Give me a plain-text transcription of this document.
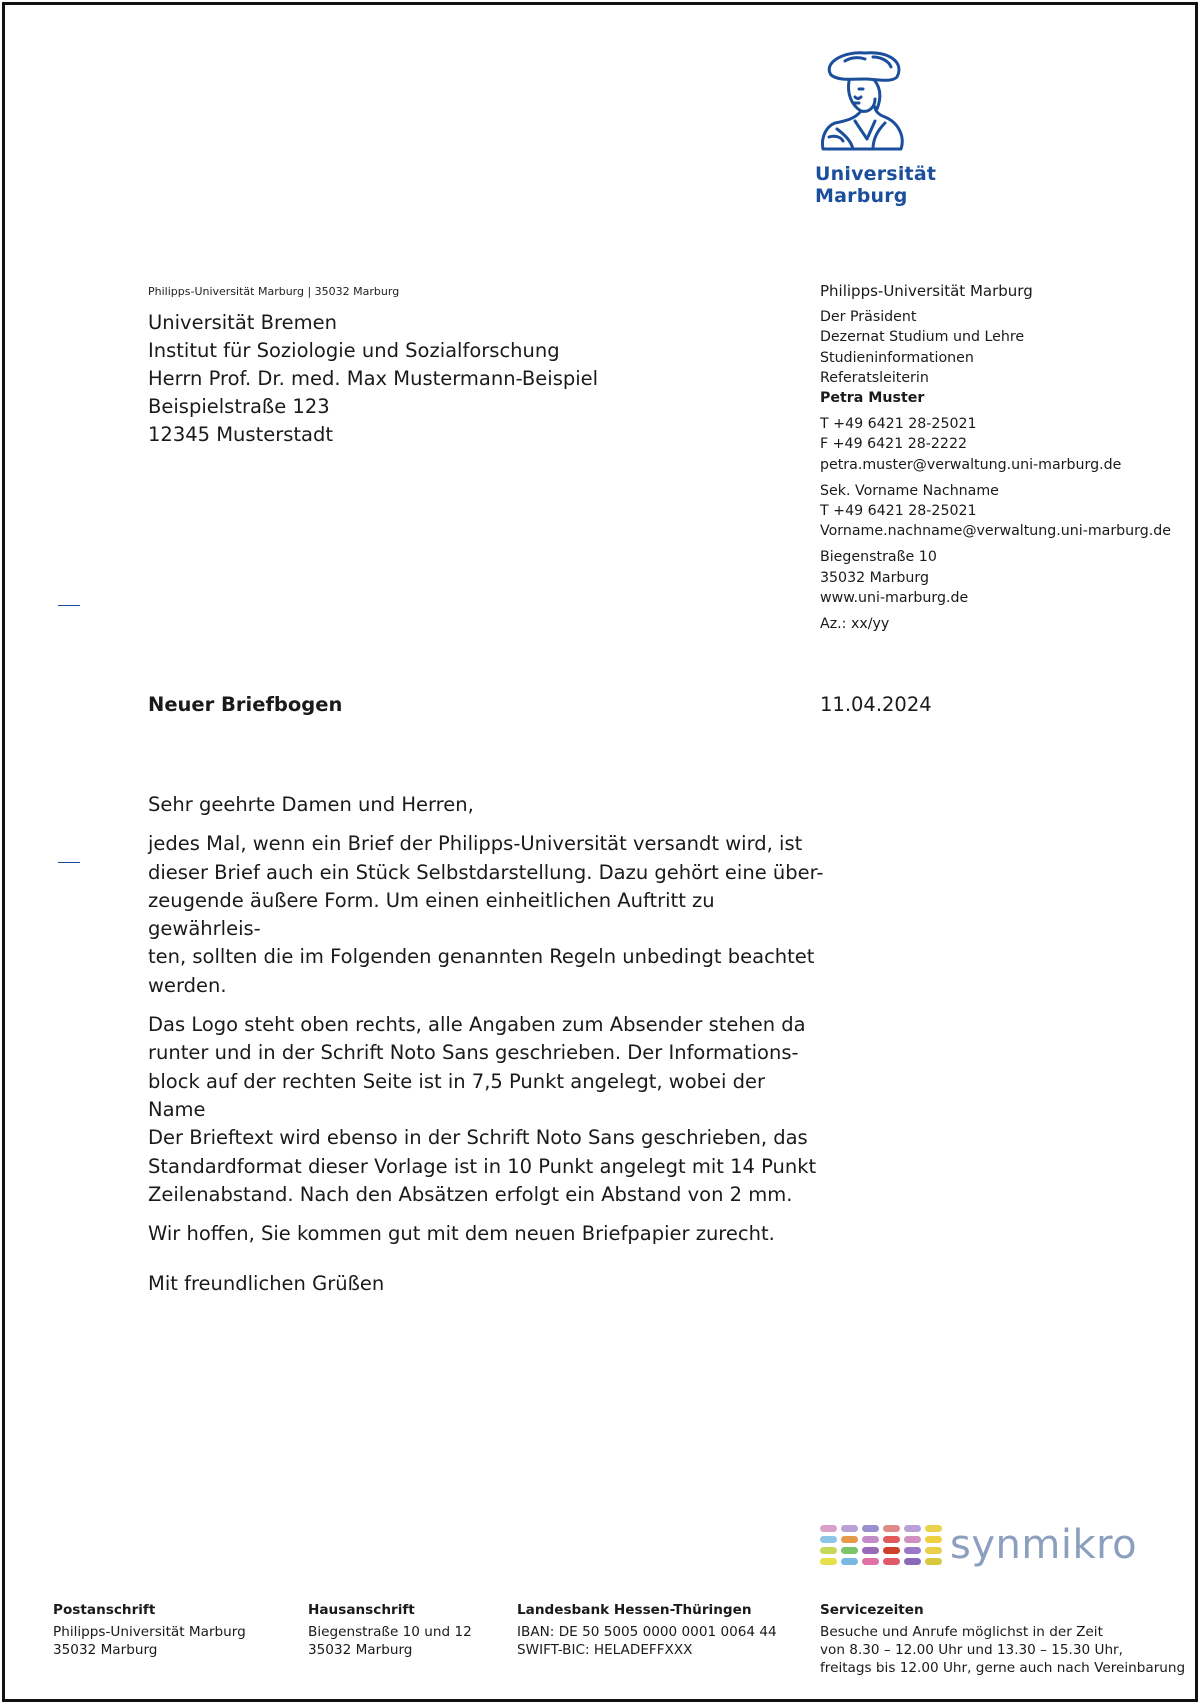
Universität
Marburg
Philipps-Universität Marburg | 35032 Marburg
Universität Bremen
Institut für Soziologie und Sozialforschung
Herrn Prof. Dr. med. Max Mustermann-Beispiel
Beispielstraße 123
12345 Musterstadt
Philipps-Universität Marburg
Der Präsident
Dezernat Studium und Lehre
Studieninformationen
Referatsleiterin
Petra Muster
T +49 6421 28-25021
F +49 6421 28-2222
petra.muster@verwaltung.uni-marburg.de
Sek. Vorname Nachname
T +49 6421 28-25021
Vorname.nachname@verwaltung.uni-marburg.de
Biegenstraße 10
35032 Marburg
www.uni-marburg.de
Az.: xx/yy
Neuer Briefbogen	11.04.2024

Sehr geehrte Damen und Herren,

jedes Mal, wenn ein Brief der Philipps-Universität versandt wird, ist
dieser Brief auch ein Stück Selbstdarstellung. Dazu gehört eine über-
zeugende äußere Form. Um einen einheitlichen Auftritt zu gewährleis-
ten, sollten die im Folgenden genannten Regeln unbedingt beachtet
werden.

Das Logo steht oben rechts, alle Angaben zum Absender stehen da
runter und in der Schrift Noto Sans geschrieben. Der Informations-
block auf der rechten Seite ist in 7,5 Punkt angelegt, wobei der Name
Der Brieftext wird ebenso in der Schrift Noto Sans geschrieben, das
Standardformat dieser Vorlage ist in 10 Punkt angelegt mit 14 Punkt
Zeilenabstand. Nach den Absätzen erfolgt ein Abstand von 2 mm.

Wir hoffen, Sie kommen gut mit dem neuen Briefpapier zurecht.

Mit freundlichen Grüßen

synmikro
Postanschrift
Philipps-Universität Marburg
35032 Marburg
Hausanschrift
Biegenstraße 10 und 12
35032 Marburg
Landesbank Hessen-Thüringen
IBAN: DE 50 5005 0000 0001 0064 44
SWIFT-BIC: HELADEFFXXX
Servicezeiten
Besuche und Anrufe möglichst in der Zeit
von 8.30 – 12.00 Uhr und 13.30 – 15.30 Uhr,
freitags bis 12.00 Uhr, gerne auch nach Vereinbarung
